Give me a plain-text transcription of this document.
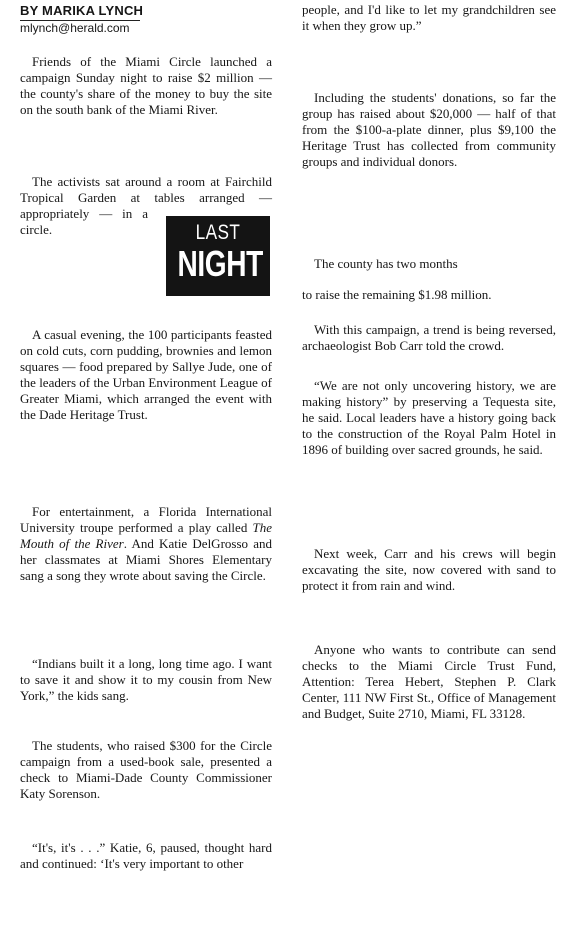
BY MARIKA LYNCH

mlynch@herald.com

Friends of the Miami Circle launched a campaign Sunday night to raise $2 million — the county's share of the money to buy the site on the south bank of the Miami River.

The activists sat around a room at Fairchild Tropical Garden at tables arranged — appropriately — in a circle.

A casual evening, the 100 participants feasted on cold cuts, corn pudding, brownies and lemon squares — food prepared by Sallye Jude, one of the leaders of the Urban Environment League of Greater Miami, which arranged the event with the Dade Heritage Trust.

For entertainment, a Florida International University troupe performed a play called The Mouth of the River. And Katie DelGrosso and her classmates at Miami Shores Elementary sang a song they wrote about saving the Circle.

“Indians built it a long, long time ago. I want to save it and show it to my cousin from New York,” the kids sang.

The students, who raised $300 for the Circle campaign from a used-book sale, presented a check to Miami-Dade County Commissioner Katy Sorenson.

“It's, it's . . .” Katie, 6, paused, thought hard and continued: ‘It's very important to other

LAST
NIGHT

people, and I'd like to let my grandchildren see it when they grow up.”

Including the students' donations, so far the group has raised about $20,000 — half of that from the $100-a-plate dinner, plus $9,100 the Heritage Trust has collected from community groups and individual donors.

The county has two months

to raise the remaining $1.98 million.

With this campaign, a trend is being reversed, archaeologist Bob Carr told the crowd.

“We are not only uncovering history, we are making history” by preserving a Tequesta site, he said. Local leaders have a history going back to the construction of the Royal Palm Hotel in 1896 of building over sacred grounds, he said.

Next week, Carr and his crews will begin excavating the site, now covered with sand to protect it from rain and wind.

Anyone who wants to contribute can send checks to the Miami Circle Trust Fund, Attention: Terea Hebert, Stephen P. Clark Center, 111 NW First St., Office of Management and Budget, Suite 2710, Miami, FL 33128.
